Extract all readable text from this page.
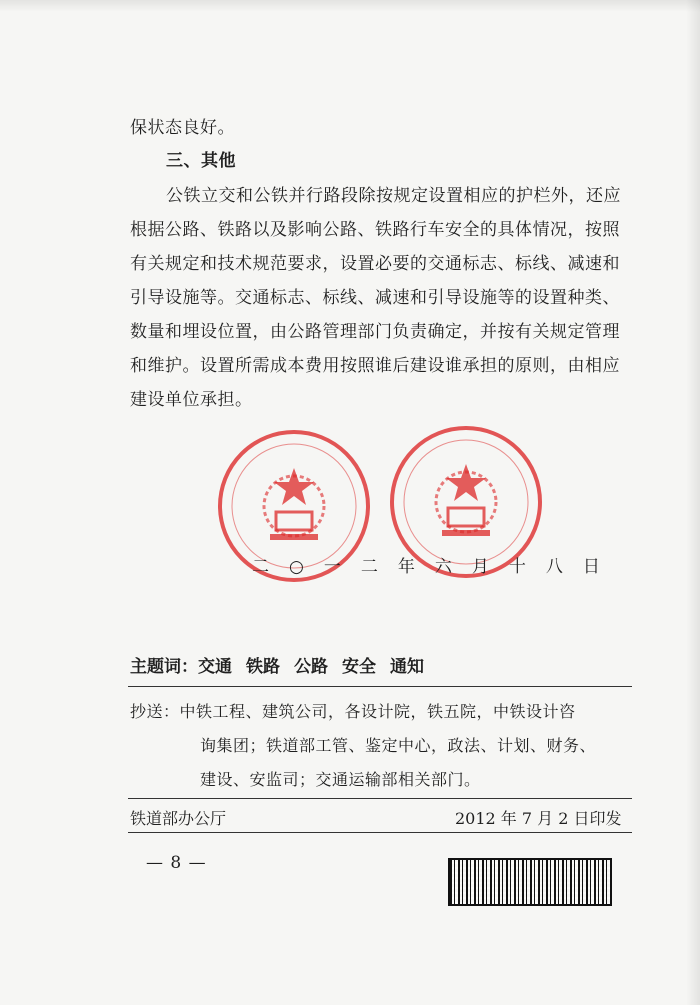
保状态良好。
三、其他
公铁立交和公铁并行路段除按规定设置相应的护栏外，还应
根据公路、铁路以及影响公路、铁路行车安全的具体情况，按照
有关规定和技术规范要求，设置必要的交通标志、标线、减速和
引导设施等。交通标志、标线、减速和引导设施等的设置种类、
数量和埋设位置，由公路管理部门负责确定，并按有关规定管理
和维护。设置所需成本费用按照谁后建设谁承担的原则，由相应
建设单位承担。
二○一二年六月十八日
主题词：交通 铁路 公路 安全 通知
抄送：中铁工程、建筑公司，各设计院，铁五院，中铁设计咨
询集团；铁道部工管、鉴定中心，政法、计划、财务、
建设、安监司；交通运输部相关部门。
铁道部办公厅	2012 年 7 月 2 日印发
— 8 —
